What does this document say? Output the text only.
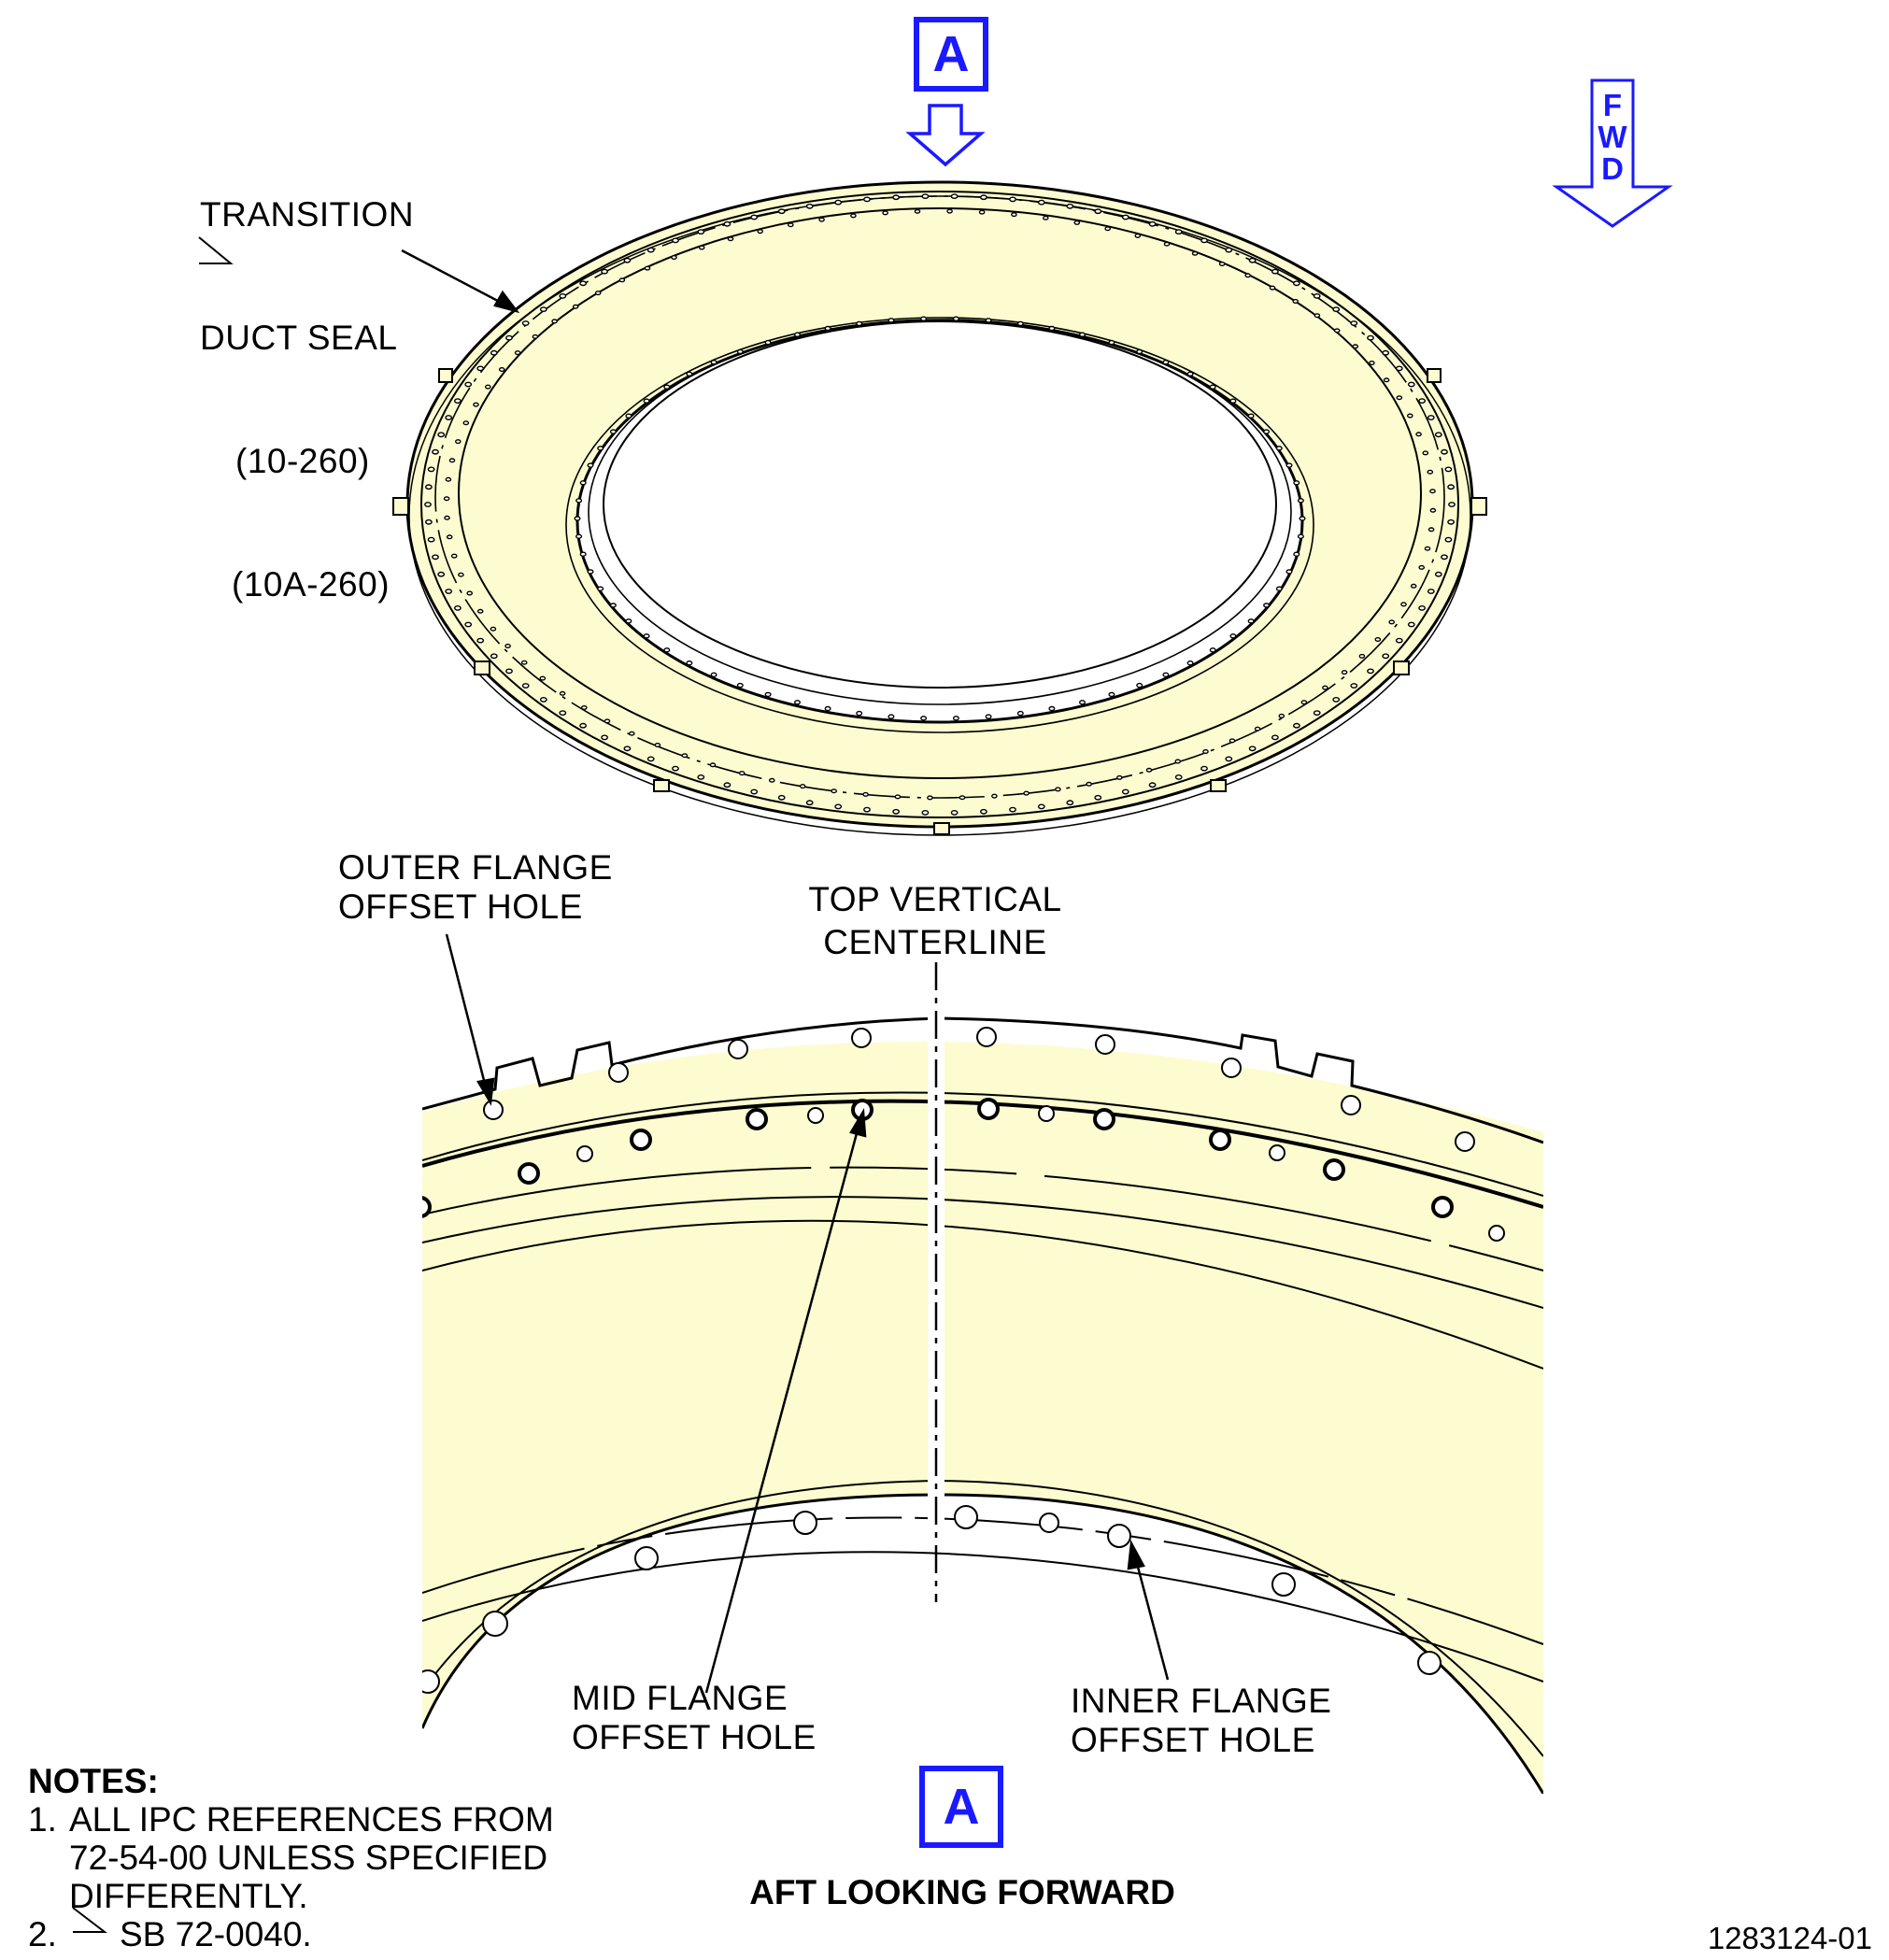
A
F
W
D

TRANSITION

DUCT SEAL

(10-260)

(10A-260)

OUTER FLANGE
OFFSET HOLE	TOP VERTICAL
CENTERLINE
MID FLANGE
OFFSET HOLE
INNER FLANGE
OFFSET HOLE
A
AFT LOOKING FORWARD
NOTES:
1. ALL IPC REFERENCES FROM
72-54-00 UNLESS SPECIFIED
DIFFERENTLY.
2. SB 72-0040.	1283124-01
